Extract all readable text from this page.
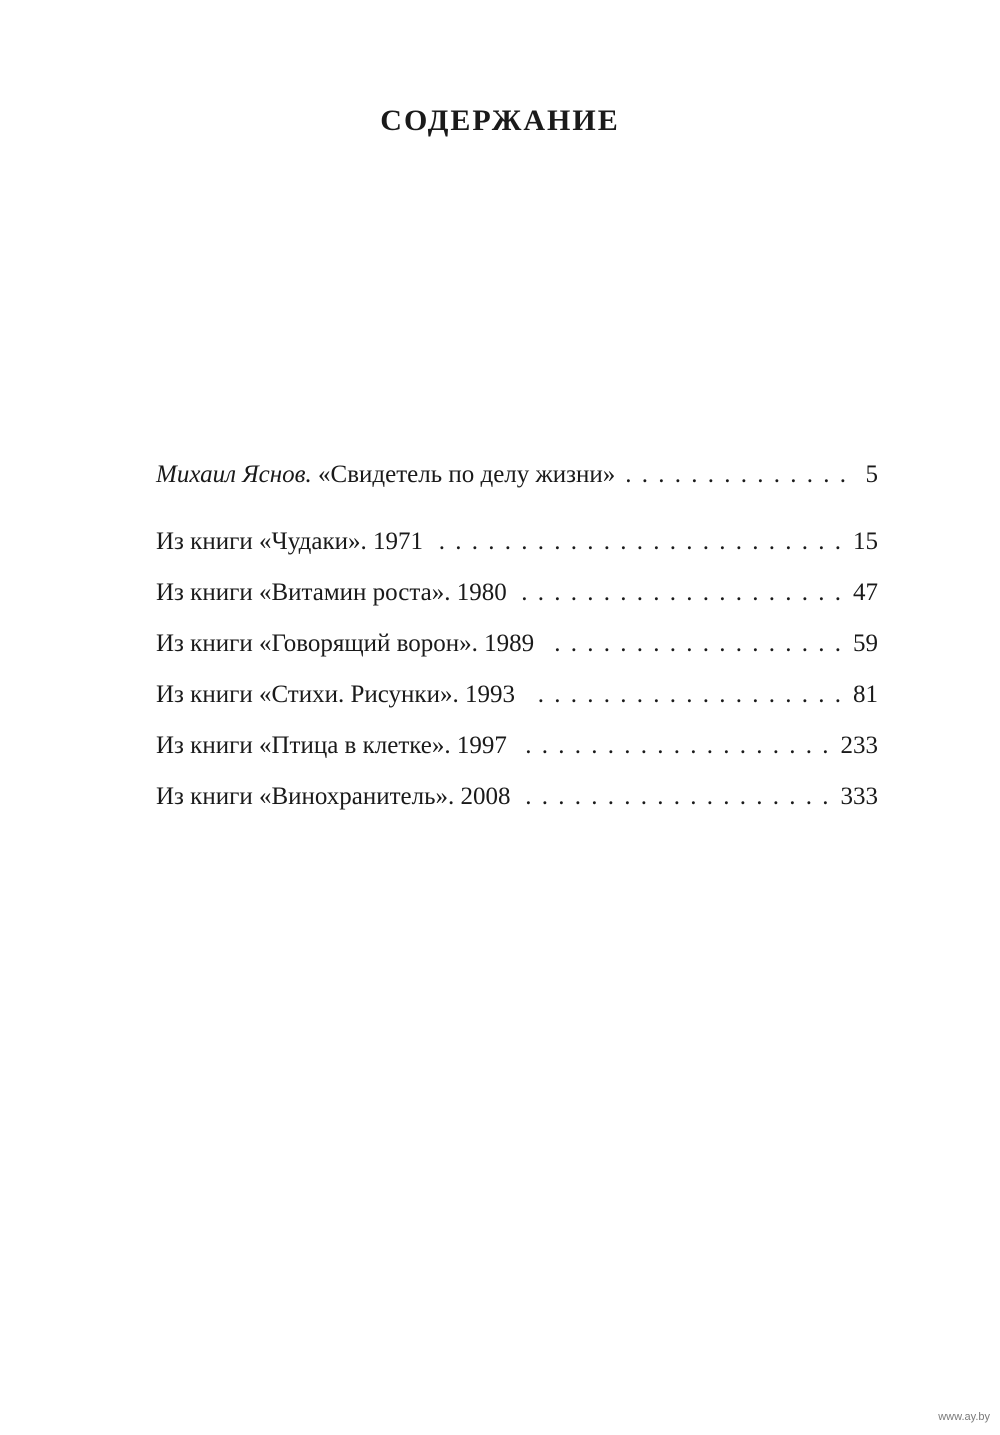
СОДЕРЖАНИЕ
Михаил Яснов. «Свидетель по делу жизни» . . .	5
Из книги «Чудаки». 1971 . . .	15
Из книги «Витамин роста». 1980 . . .	47
Из книги «Говорящий ворон». 1989 . . .	59
Из книги «Стихи. Рисунки». 1993 . . .	81
Из книги «Птица в клетке». 1997 . . .	233
Из книги «Винохранитель». 2008 . . .	333
www.ay.by
